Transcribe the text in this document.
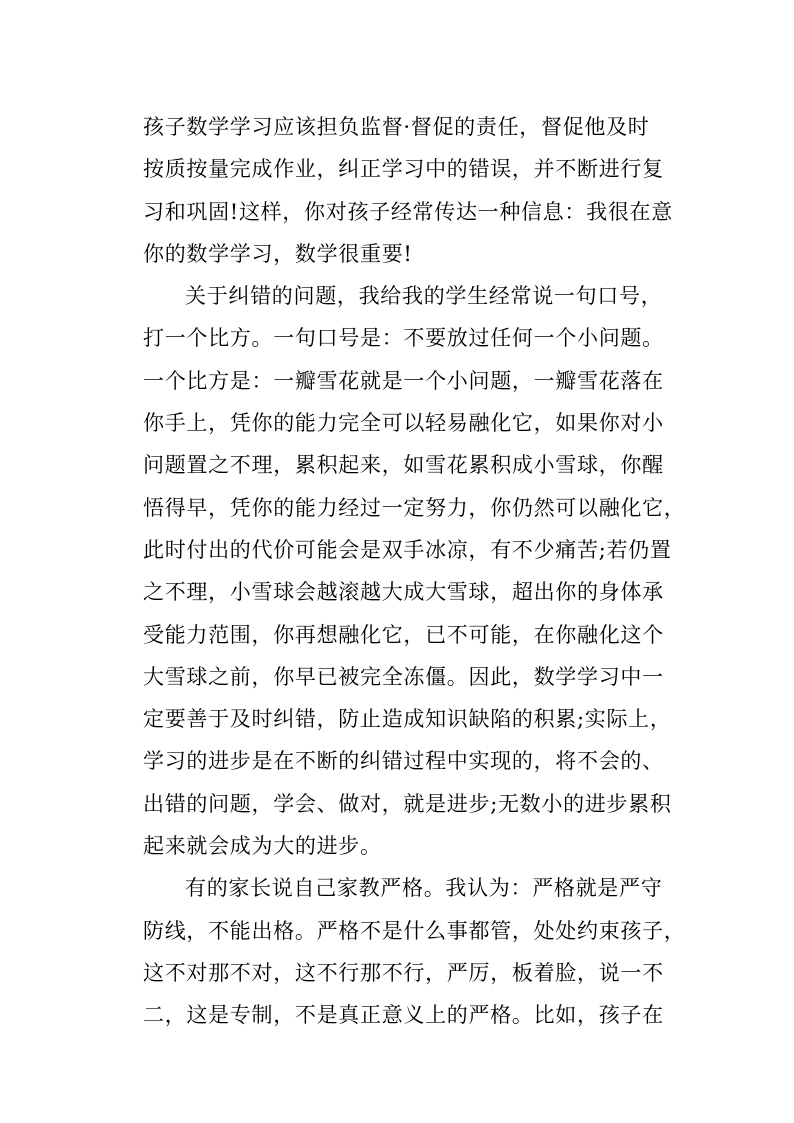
孩子数学学习应该担负监督·督促的责任，督促他及时
按质按量完成作业，纠正学习中的错误，并不断进行复
习和巩固!这样，你对孩子经常传达一种信息：我很在意
你的数学学习，数学很重要!
关于纠错的问题，我给我的学生经常说一句口号，
打一个比方。一句口号是：不要放过任何一个小问题。
一个比方是：一瓣雪花就是一个小问题，一瓣雪花落在
你手上，凭你的能力完全可以轻易融化它，如果你对小
问题置之不理，累积起来，如雪花累积成小雪球，你醒
悟得早，凭你的能力经过一定努力，你仍然可以融化它，
此时付出的代价可能会是双手冰凉，有不少痛苦;若仍置
之不理，小雪球会越滚越大成大雪球，超出你的身体承
受能力范围，你再想融化它，已不可能，在你融化这个
大雪球之前，你早已被完全冻僵。因此，数学学习中一
定要善于及时纠错，防止造成知识缺陷的积累;实际上，
学习的进步是在不断的纠错过程中实现的，将不会的、
出错的问题，学会、做对，就是进步;无数小的进步累积
起来就会成为大的进步。
有的家长说自己家教严格。我认为：严格就是严守
防线，不能出格。严格不是什么事都管，处处约束孩子，
这不对那不对，这不行那不行，严厉，板着脸，说一不
二，这是专制，不是真正意义上的严格。比如，孩子在
